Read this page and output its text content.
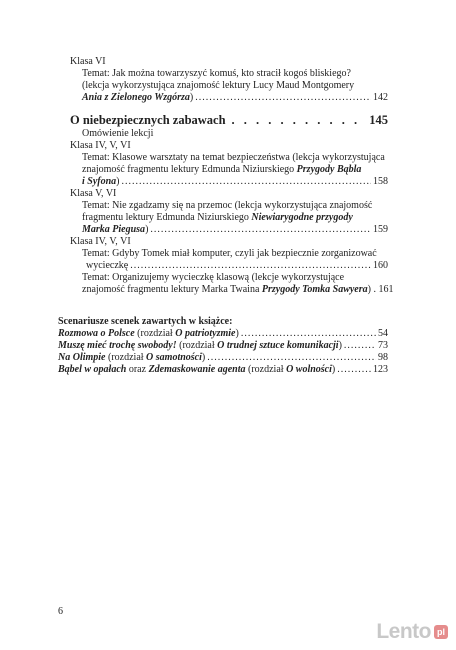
Klasa VI
Temat: Jak można towarzyszyć komuś, kto stracił kogoś bliskiego?
(lekcja wykorzystująca znajomość lektury Lucy Maud Montgomery
Ania z Zielonego Wzgórza ) .....	142
O niebezpiecznych zabawach . . .	145
Omówienie lekcji
Klasa IV, V, VI
Temat: Klasowe warsztaty na temat bezpieczeństwa (lekcja wykorzystująca
znajomość fragmentu lektury Edmunda Niziurskiego Przygody Bąbla
i Syfona ) .....	158
Klasa V, VI
Temat: Nie zgadzamy się na przemoc (lekcja wykorzystująca znajomość
fragmentu lektury Edmunda Niziurskiego Niewiarygodne przygody
Marka Piegusa ) .....	159
Klasa IV, V, VI
Temat: Gdyby Tomek miał komputer, czyli jak bezpiecznie zorganizować
wycieczkę .....	160
Temat: Organizujemy wycieczkę klasową (lekcje wykorzystujące
znajomość fragmentu lektury Marka Twaina Przygody Tomka Sawyera) . 161
Scenariusze scenek zawartych w książce:
Rozmowa o Polsce (rozdział O patriotyzmie) .....	54
Muszę mieć trochę swobody! (rozdział O trudnej sztuce komunikacji) .....	73
Na Olimpie (rozdział O samotności) .....	98
Bąbel w opałach oraz Zdemaskowanie agenta (rozdział O wolności) .....	123
6
Lento pl
